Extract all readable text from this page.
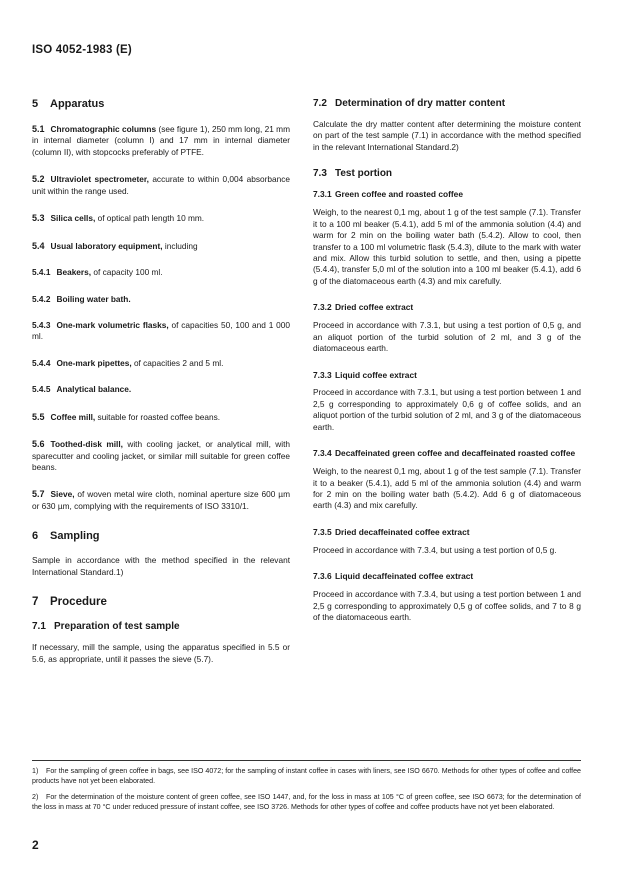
ISO 4052-1983 (E)
5 Apparatus
5.1 Chromatographic columns (see figure 1), 250 mm long, 21 mm in internal diameter (column I) and 17 mm in internal diameter (column II), with stopcocks preferably of PTFE.
5.2 Ultraviolet spectrometer, accurate to within 0,004 absorbance unit within the range used.
5.3 Silica cells, of optical path length 10 mm.
5.4 Usual laboratory equipment, including
5.4.1 Beakers, of capacity 100 ml.
5.4.2 Boiling water bath.
5.4.3 One-mark volumetric flasks, of capacities 50, 100 and 1 000 ml.
5.4.4 One-mark pipettes, of capacities 2 and 5 ml.
5.4.5 Analytical balance.
5.5 Coffee mill, suitable for roasted coffee beans.
5.6 Toothed-disk mill, with cooling jacket, or analytical mill, with sparecutter and cooling jacket, or similar mill suitable for green coffee beans.
5.7 Sieve, of woven metal wire cloth, nominal aperture size 600 µm or 630 µm, complying with the requirements of ISO 3310/1.
6 Sampling

Sample in accordance with the method specified in the relevant International Standard.1)

7 Procedure
7.1 Preparation of test sample

If necessary, mill the sample, using the apparatus specified in 5.5 or 5.6, as appropriate, until it passes the sieve (5.7).

7.2 Determination of dry matter content

Calculate the dry matter content after determining the moisture content on part of the test sample (7.1) in accordance with the method specified in the relevant International Standard.2)

7.3 Test portion
7.3.1 Green coffee and roasted coffee

Weigh, to the nearest 0,1 mg, about 1 g of the test sample (7.1). Transfer it to a 100 ml beaker (5.4.1), add 5 ml of the ammonia solution (4.4) and warm for 2 min on the boiling water bath (5.4.2). Allow to cool, then transfer to a 100 ml volumetric flask (5.4.3), dilute to the mark with water and mix. Allow this turbid solution to settle, and then, using a pipette (5.4.4), transfer 5,0 ml of the solution into a 100 ml beaker (5.4.1), add 6 g of the diatomaceous earth (4.3) and mix carefully.

7.3.2 Dried coffee extract

Proceed in accordance with 7.3.1, but using a test portion of 0,5 g, and an aliquot portion of the turbid solution of 2 ml, and 3 g of the diatomaceous earth.

7.3.3 Liquid coffee extract

Proceed in accordance with 7.3.1, but using a test portion between 1 and 2,5 g corresponding to approximately 0,6 g of coffee solids, and an aliquot portion of the turbid solution of 2 ml, and 3 g of the diatomaceous earth.

7.3.4 Decaffeinated green coffee and decaffeinated roasted coffee

Weigh, to the nearest 0,1 mg, about 1 g of the test sample (7.1). Transfer it to a beaker (5.4.1), add 5 ml of the ammonia solution (4.4) and warm for 2 min on the boiling water bath (5.4.2). Add 6 g of diatomaceous earth (4.3) and mix carefully.

7.3.5 Dried decaffeinated coffee extract

Proceed in accordance with 7.3.4, but using a test portion of 0,5 g.

7.3.6 Liquid decaffeinated coffee extract

Proceed in accordance with 7.3.4, but using a test portion between 1 and 2,5 g corresponding to approximately 0,5 g of coffee solids, and 7 to 8 g of the diatomaceous earth.

1) For the sampling of green coffee in bags, see ISO 4072; for the sampling of instant coffee in cases with liners, see ISO 6670. Methods for other types of coffee and coffee products have not yet been elaborated.

2) For the determination of the moisture content of green coffee, see ISO 1447, and, for the loss in mass at 105 °C of green coffee, see ISO 6673; for the determination of the loss in mass at 70 °C under reduced pressure of instant coffee, see ISO 3726. Methods for other types of coffee and coffee products have not yet been elaborated.

2
